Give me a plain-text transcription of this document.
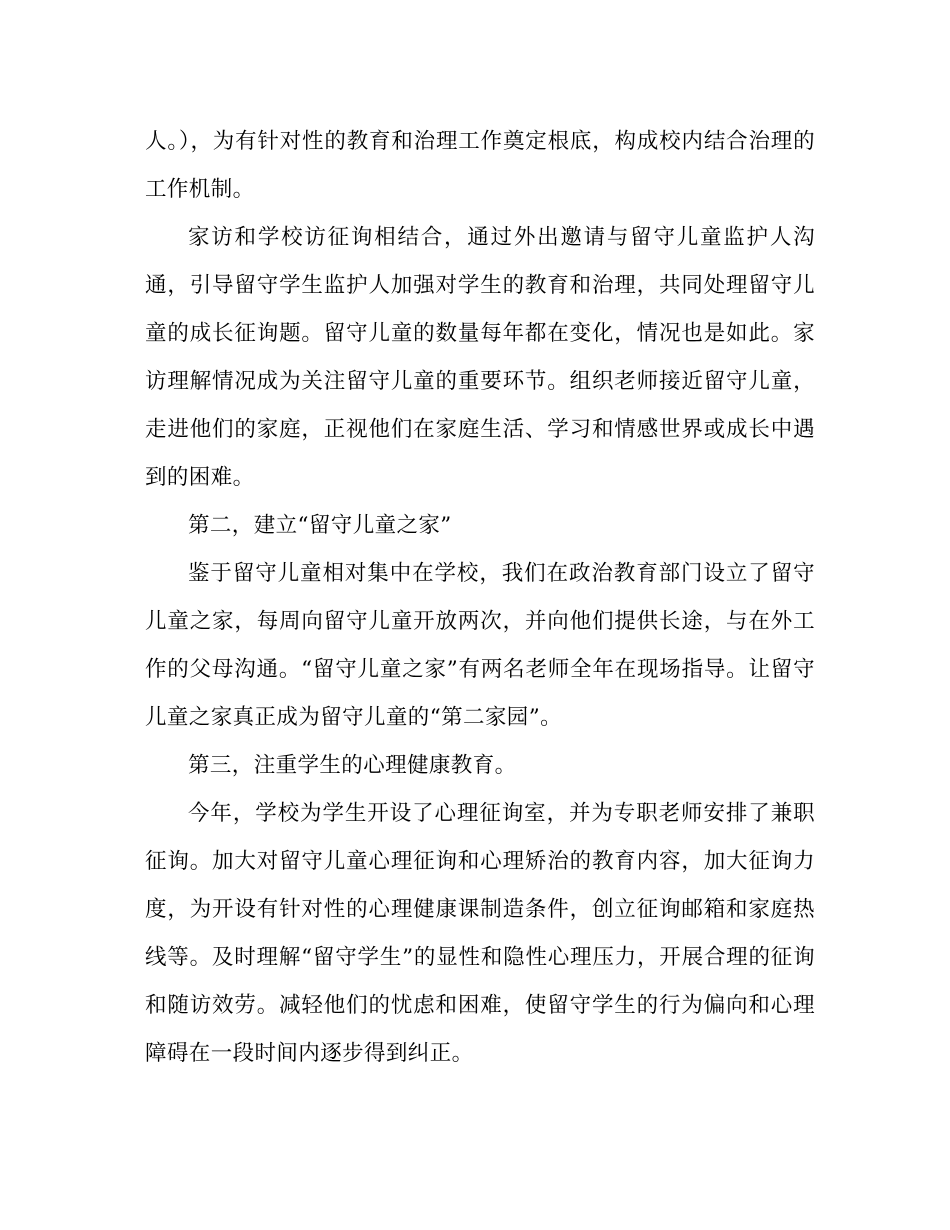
人。），为有针对性的教育和治理工作奠定根底，构成校内结合治理的工作机制。

家访和学校访征询相结合，通过外出邀请与留守儿童监护人沟通，引导留守学生监护人加强对学生的教育和治理，共同处理留守儿童的成长征询题。留守儿童的数量每年都在变化，情况也是如此。家访理解情况成为关注留守儿童的重要环节。组织老师接近留守儿童，走进他们的家庭，正视他们在家庭生活、学习和情感世界或成长中遇到的困难。

第二，建立“留守儿童之家”

鉴于留守儿童相对集中在学校，我们在政治教育部门设立了留守儿童之家，每周向留守儿童开放两次，并向他们提供长途，与在外工作的父母沟通。“留守儿童之家”有两名老师全年在现场指导。让留守儿童之家真正成为留守儿童的“第二家园”。

第三，注重学生的心理健康教育。

今年，学校为学生开设了心理征询室，并为专职老师安排了兼职征询。加大对留守儿童心理征询和心理矫治的教育内容，加大征询力度，为开设有针对性的心理健康课制造条件，创立征询邮箱和家庭热线等。及时理解“留守学生”的显性和隐性心理压力，开展合理的征询和随访效劳。减轻他们的忧虑和困难，使留守学生的行为偏向和心理障碍在一段时间内逐步得到纠正。
